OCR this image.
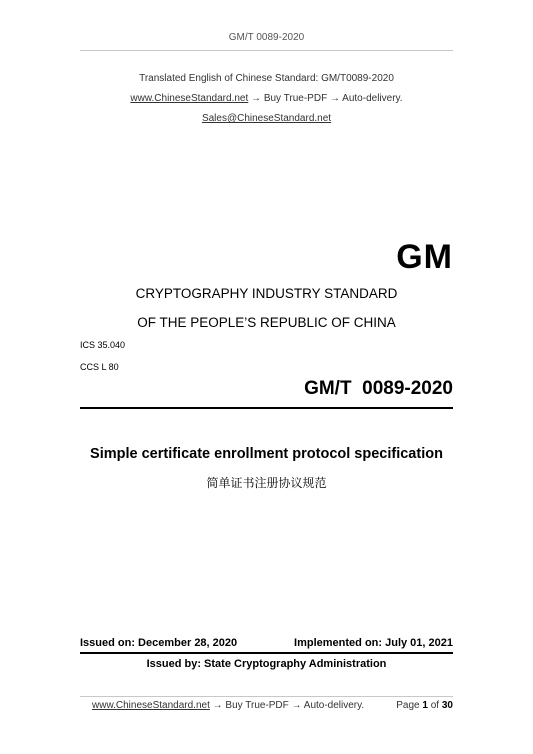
GM/T 0089-2020
Translated English of Chinese Standard: GM/T0089-2020
www.ChineseStandard.net → Buy True-PDF → Auto-delivery.
Sales@ChineseStandard.net
GM
CRYPTOGRAPHY INDUSTRY STANDARD
OF THE PEOPLE’S REPUBLIC OF CHINA
ICS 35.040
CCS L 80
GM/T  0089-2020
Simple certificate enrollment protocol specification
简单证书注册协议规范
Issued on: December 28, 2020	Implemented on: July 01, 2021
Issued by: State Cryptography Administration
www.ChineseStandard.net → Buy True-PDF → Auto-delivery.	Page 1 of 30
